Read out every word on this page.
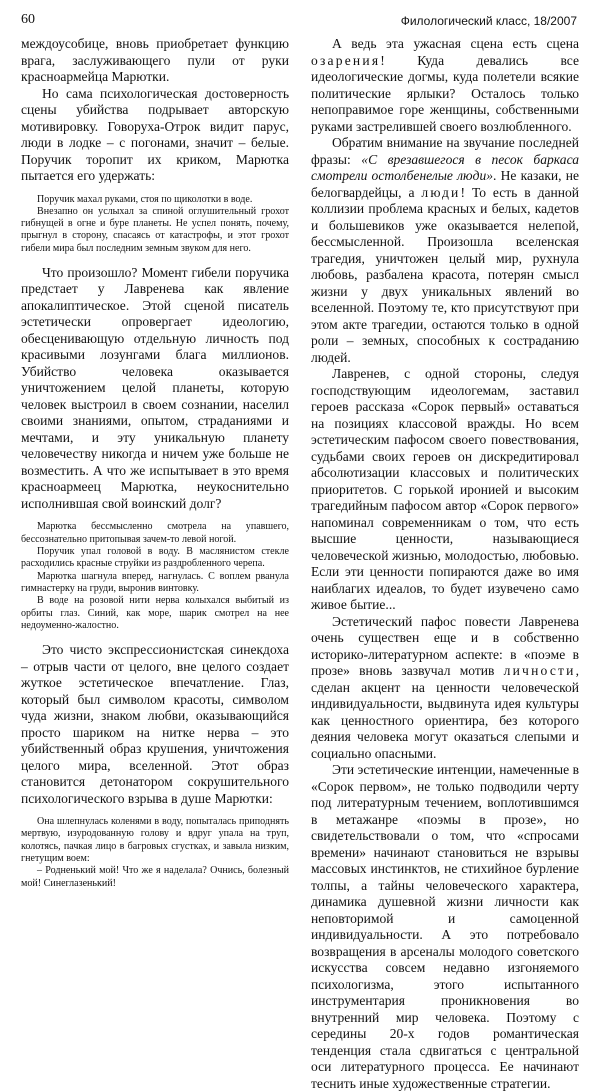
60	Филологический класс, 18/2007

междоусобице, вновь приобретает функцию врага, заслуживающего пули от руки красноармейца Марютки.

Но сама психологическая достоверность сцены убийства подрывает авторскую мотивировку. Говоруха-Отрок видит парус, люди в лодке – с погонами, значит – белые. Поручик торопит их криком, Марютка пытается его удержать:

Поручик махал руками, стоя по щиколотки в воде.

Внезапно он услыхал за спиной оглушительный грохот гибнущей в огне и буре планеты. Не успел понять, почему, прыгнул в сторону, спасаясь от катастрофы, и этот грохот гибели мира был последним земным звуком для него.

Что произошло? Момент гибели поручика предстает у Лавренева как явление апокалиптическое. Этой сценой писатель эстетически опровергает идеологию, обесценивающую отдельную личность под красивыми лозунгами блага миллионов. Убийство человека оказывается уничтожением целой планеты, которую человек выстроил в своем сознании, населил своими знаниями, опытом, страданиями и мечтами, и эту уникальную планету человечеству никогда и ничем уже больше не возместить. А что же испытывает в это время красноармеец Марютка, неукоснительно исполнившая свой воинский долг?

Марютка бессмысленно смотрела на упавшего, бессознательно притопывая зачем-то левой ногой.

Поручик упал головой в воду. В маслянистом стекле расходились красные струйки из раздробленного черепа.

Марютка шагнула вперед, нагнулась. С воплем рванула гимнастерку на груди, выронив винтовку.

В воде на розовой нити нерва колыхался выбитый из орбиты глаз. Синий, как море, шарик смотрел на нее недоуменно-жалостно.

Это чисто экспрессионистская синекдоха – отрыв части от целого, вне целого создает жуткое эстетическое впечатление. Глаз, который был символом красоты, символом чуда жизни, знаком любви, оказывающийся просто шариком на нитке нерва – это убийственный образ крушения, уничтожения целого мира, вселенной. Этот образ становится детонатором сокрушительного психологического взрыва в душе Марютки:

Она шлепнулась коленями в воду, попыталась приподнять мертвую, изуродованную голову и вдруг упала на труп, колотясь, пачкая лицо в багровых сгустках, и завыла низким, гнетущим воем:

– Родненький мой! Что же я наделала? Очнись, болезный мой! Синеглазенький!

А ведь эта ужасная сцена есть сцена озарения! Куда девались все идеологические догмы, куда полетели всякие политические ярлыки? Осталось только непоправимое горе женщины, собственными руками застрелившей своего возлюбленного.

Обратим внимание на звучание последней фразы: «С врезавшегося в песок баркаса смотрели остолбенелые люди». Не казаки, не белогвардейцы, а люди! То есть в данной коллизии проблема красных и белых, кадетов и большевиков уже оказывается нелепой, бессмысленной. Произошла вселенская трагедия, уничтожен целый мир, рухнула любовь, разбалена красота, потерян смысл жизни у двух уникальных явлений во вселенной. Поэтому те, кто присутствуют при этом акте трагедии, остаются только в одной роли – земных, способных к состраданию людей.

Лавренев, с одной стороны, следуя господствующим идеологемам, заставил героев рассказа «Сорок первый» оставаться на позициях классовой вражды. Но всем эстетическим пафосом своего повествования, судьбами своих героев он дискредитировал абсолютизации классовых и политических приоритетов. С горькой иронией и высоким трагедийным пафосом автор «Сорок первого» напоминал современникам о том, что есть высшие ценности, называющиеся человеческой жизнью, молодостью, любовью. Если эти ценности попираются даже во имя наиблагих идеалов, то будет изувечено само живое бытие...

Эстетический пафос повести Лавренева очень существен еще и в собственно историко-литературном аспекте: в «поэме в прозе» вновь зазвучал мотив личности, сделан акцент на ценности человеческой индивидуальности, выдвинута идея культуры как ценностного ориентира, без которого деяния человека могут оказаться слепыми и социально опасными.

Эти эстетические интенции, намеченные в «Сорок первом», не только подводили черту под литературным течением, воплотившимся в метажанре «поэмы в прозе», но свидетельствовали о том, что «спросами времени» начинают становиться не взрывы массовых инстинктов, не стихийное бурление толпы, а тайны человеческого характера, динамика душевной жизни личности как неповторимой и самоценной индивидуальности. А это потребовало возвращения в арсеналы молодого советского искусства совсем недавно изгоняемого психологизма, этого испытанного инструментария проникновения во внутренний мир человека. Поэтому с середины 20-х годов романтическая тенденция стала сдвигаться с центральной оси литературного процесса. Ее начинают теснить иные художественные стратегии.
